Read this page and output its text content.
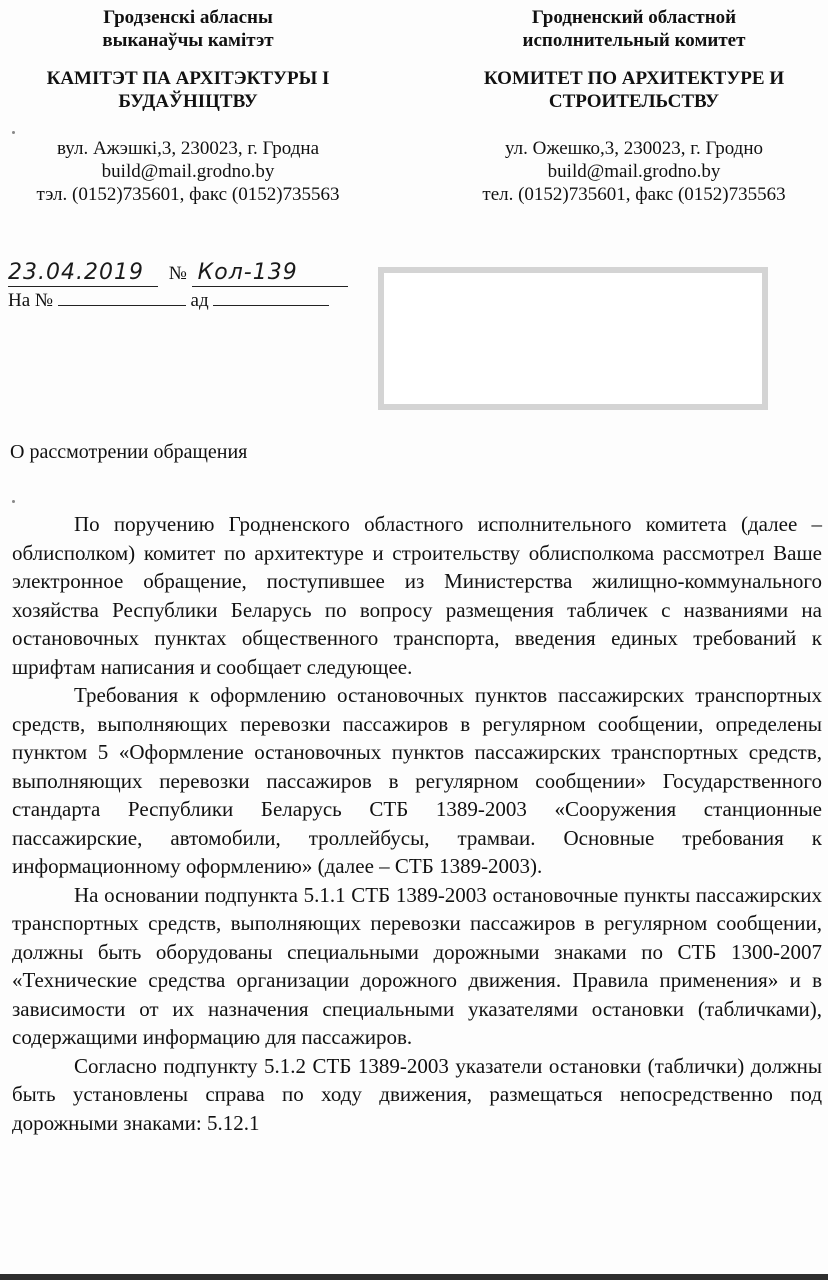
Гродзенскі абласны
выканаўчы камітэт
КАМІТЭТ ПА АРХІТЭКТУРЫ І
БУДАЎНІЦТВУ
вул. Ажэшкі,3, 230023, г. Гродна
build@mail.grodno.by
тэл. (0152)735601, факс (0152)735563
Гродненский областной
исполнительный комитет
КОМИТЕТ ПО АРХИТЕКТУРЕ И
СТРОИТЕЛЬСТВУ
ул. Ожешко,3, 230023, г. Гродно
build@mail.grodno.by
тел. (0152)735601, факс (0152)735563
23.04.2019 № Кол-139
На №	ад
О рассмотрении обращения

По поручению Гродненского областного исполнительного комитета (далее – облисполком) комитет по архитектуре и строительству облисполкома рассмотрел Ваше электронное обращение, поступившее из Министерства жилищно-коммунального хозяйства Республики Беларусь по вопросу размещения табличек с названиями на остановочных пунктах общественного транспорта, введения единых требований к шрифтам написания и сообщает следующее.

Требования к оформлению остановочных пунктов пассажирских транспортных средств, выполняющих перевозки пассажиров в регулярном сообщении, определены пунктом 5 «Оформление остановочных пунктов пассажирских транспортных средств, выполняющих перевозки пассажиров в регулярном сообщении» Государственного стандарта Республики Беларусь СТБ 1389-2003 «Сооружения станционные пассажирские, автомобили, троллейбусы, трамваи. Основные требования к информационному оформлению» (далее – СТБ 1389-2003).

На основании подпункта 5.1.1 СТБ 1389-2003 остановочные пункты пассажирских транспортных средств, выполняющих перевозки пассажиров в регулярном сообщении, должны быть оборудованы специальными дорожными знаками по СТБ 1300-2007 «Технические средства организации дорожного движения. Правила применения» и в зависимости от их назначения специальными указателями остановки (табличками), содержащими информацию для пассажиров.

Согласно подпункту 5.1.2 СТБ 1389-2003 указатели остановки (таблички) должны быть установлены справа по ходу движения, размещаться непосредственно под дорожными знаками: 5.12.1
